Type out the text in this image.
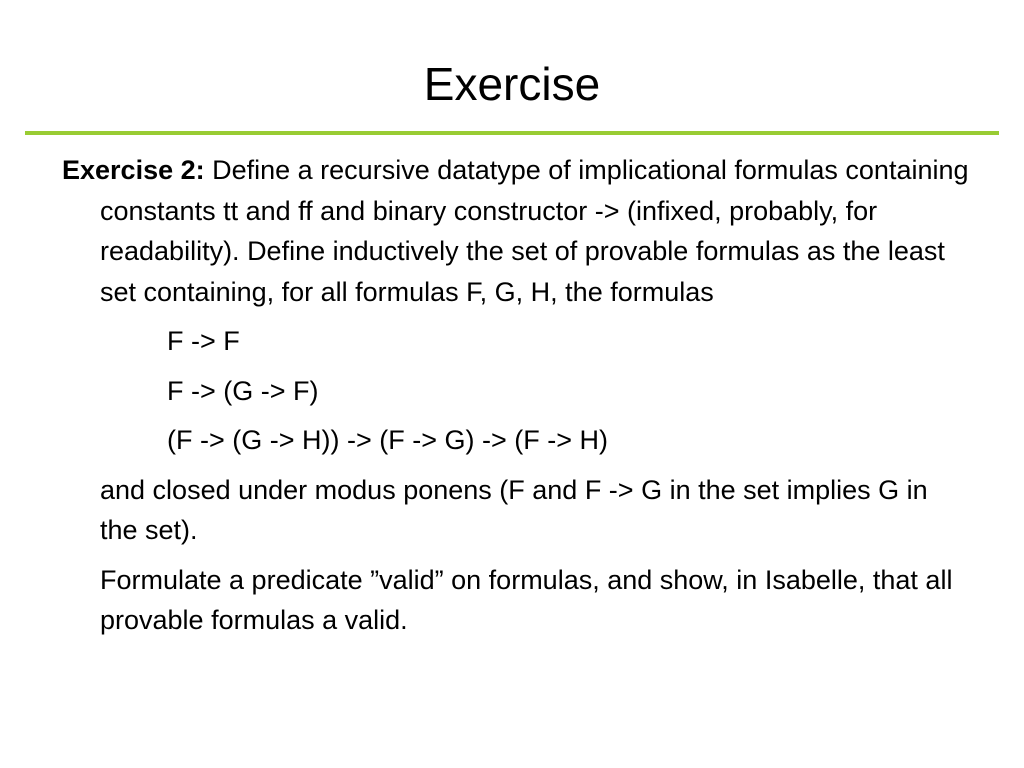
Exercise

Exercise 2: Define a recursive datatype of implicational formulas containing constants tt and ff and binary constructor -> (infixed, probably, for readability). Define inductively the set of provable formulas as the least set containing, for all formulas F, G, H, the formulas

F -> F

F -> (G -> F)

(F -> (G -> H)) -> (F -> G) -> (F -> H)

and closed under modus ponens (F and F -> G in the set implies G in the set).

Formulate a predicate ”valid” on formulas, and show, in Isabelle, that all provable formulas a valid.
